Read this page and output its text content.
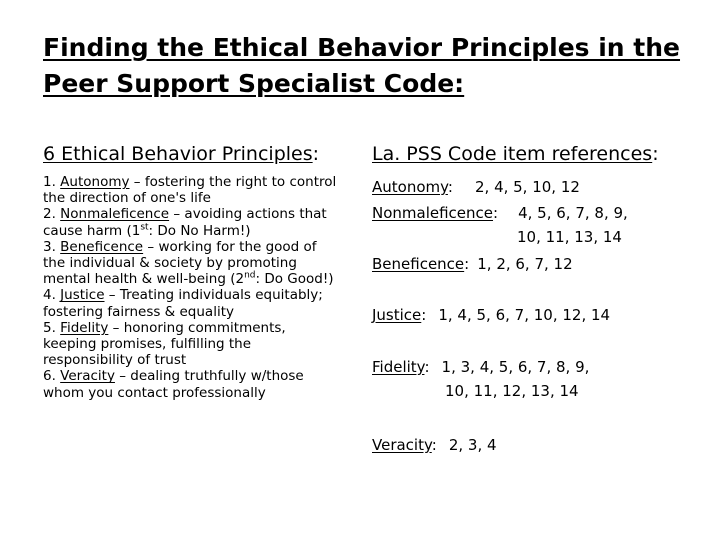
Finding the Ethical Behavior Principles in the
Peer Support Specialist Code:
6 Ethical Behavior Principles:	La. PSS Code item references:
1. Autonomy – fostering the right to control
the direction of one's life
2. Nonmaleficence – avoiding actions that
cause harm (1st: Do No Harm!)
3. Beneficence – working for the good of
the individual & society by promoting
mental health & well-being (2nd: Do Good!)
4. Justice – Treating individuals equitably;
fostering fairness & equality
5. Fidelity – honoring commitments,
keeping promises, fulfilling the
responsibility of trust
6. Veracity – dealing truthfully w/those
whom you contact professionally
Autonomy: 2, 4, 5, 10, 12
Nonmaleficence: 4, 5, 6, 7, 8, 9,
10, 11, 13, 14
Beneficence: 1, 2, 6, 7, 12
Justice: 1, 4, 5, 6, 7, 10, 12, 14
Fidelity: 1, 3, 4, 5, 6, 7, 8, 9,
10, 11, 12, 13, 14
Veracity: 2, 3, 4
